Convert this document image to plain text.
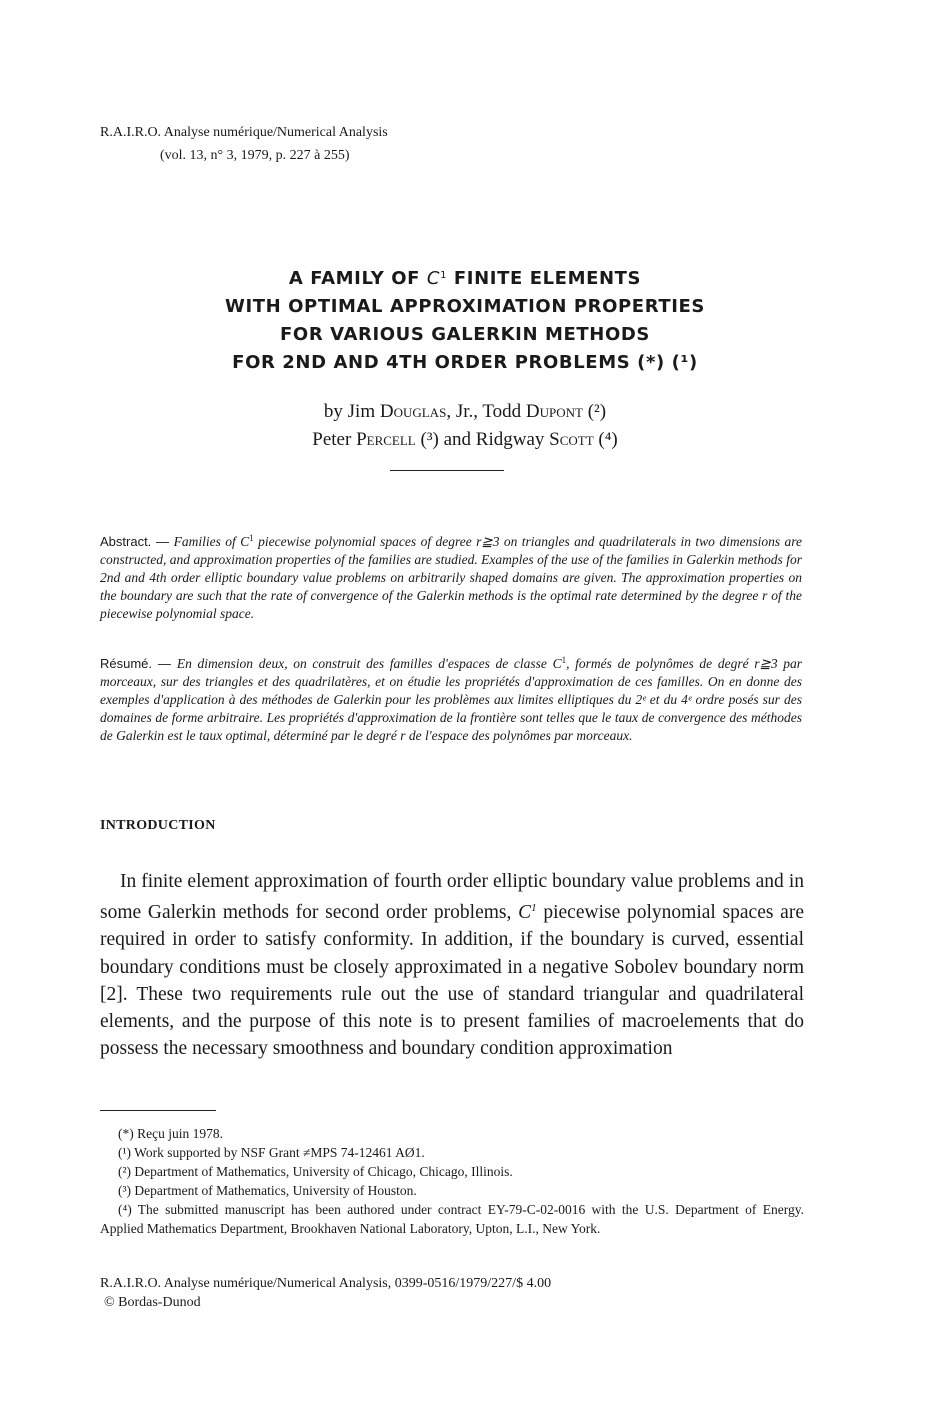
R.A.I.R.O. Analyse numérique/Numerical Analysis
(vol. 13, n° 3, 1979, p. 227 à 255)
A FAMILY OF $C^1$ FINITE ELEMENTS
WITH OPTIMAL APPROXIMATION PROPERTIES
FOR VARIOUS GALERKIN METHODS
FOR 2ND AND 4TH ORDER PROBLEMS (*) (¹)
by Jim Douglas, Jr., Todd Dupont (²)
Peter Percell (³) and Ridgway Scott (⁴)
Abstract. — Families of $C^1$ piecewise polynomial spaces of degree r≧3 on triangles and quadrilaterals in two dimensions are constructed, and approximation properties of the families are studied. Examples of the use of the families in Galerkin methods for 2nd and 4th order elliptic boundary value problems on arbitrarily shaped domains are given. The approximation properties on the boundary are such that the rate of convergence of the Galerkin methods is the optimal rate determined by the degree r of the piecewise polynomial space.
Résumé. — En dimension deux, on construit des familles d'espaces de classe $C^1$, formés de polynômes de degré r≧3 par morceaux, sur des triangles et des quadrilatères, et on étudie les propriétés d'approximation de ces familles. On en donne des exemples d'application à des méthodes de Galerkin pour les problèmes aux limites elliptiques du 2ᵉ et du 4ᵉ ordre posés sur des domaines de forme arbitraire. Les propriétés d'approximation de la frontière sont telles que le taux de convergence des méthodes de Galerkin est le taux optimal, déterminé par le degré r de l'espace des polynômes par morceaux.
INTRODUCTION
In finite element approximation of fourth order elliptic boundary value problems and in some Galerkin methods for second order problems, $C^1$ piecewise polynomial spaces are required in order to satisfy conformity. In addition, if the boundary is curved, essential boundary conditions must be closely approximated in a negative Sobolev boundary norm [2]. These two requirements rule out the use of standard triangular and quadrilateral elements, and the purpose of this note is to present families of macroelements that do possess the necessary smoothness and boundary condition approximation
(*) Reçu juin 1978.
(¹) Work supported by NSF Grant ≠MPS 74-12461 AØ1.
(²) Department of Mathematics, University of Chicago, Chicago, Illinois.
(³) Department of Mathematics, University of Houston.
(⁴) The submitted manuscript has been authored under contract EY-79-C-02-0016 with the U.S. Department of Energy. Applied Mathematics Department, Brookhaven National Laboratory, Upton, L.I., New York.
R.A.I.R.O. Analyse numérique/Numerical Analysis, 0399-0516/1979/227/$ 4.00
© Bordas-Dunod
